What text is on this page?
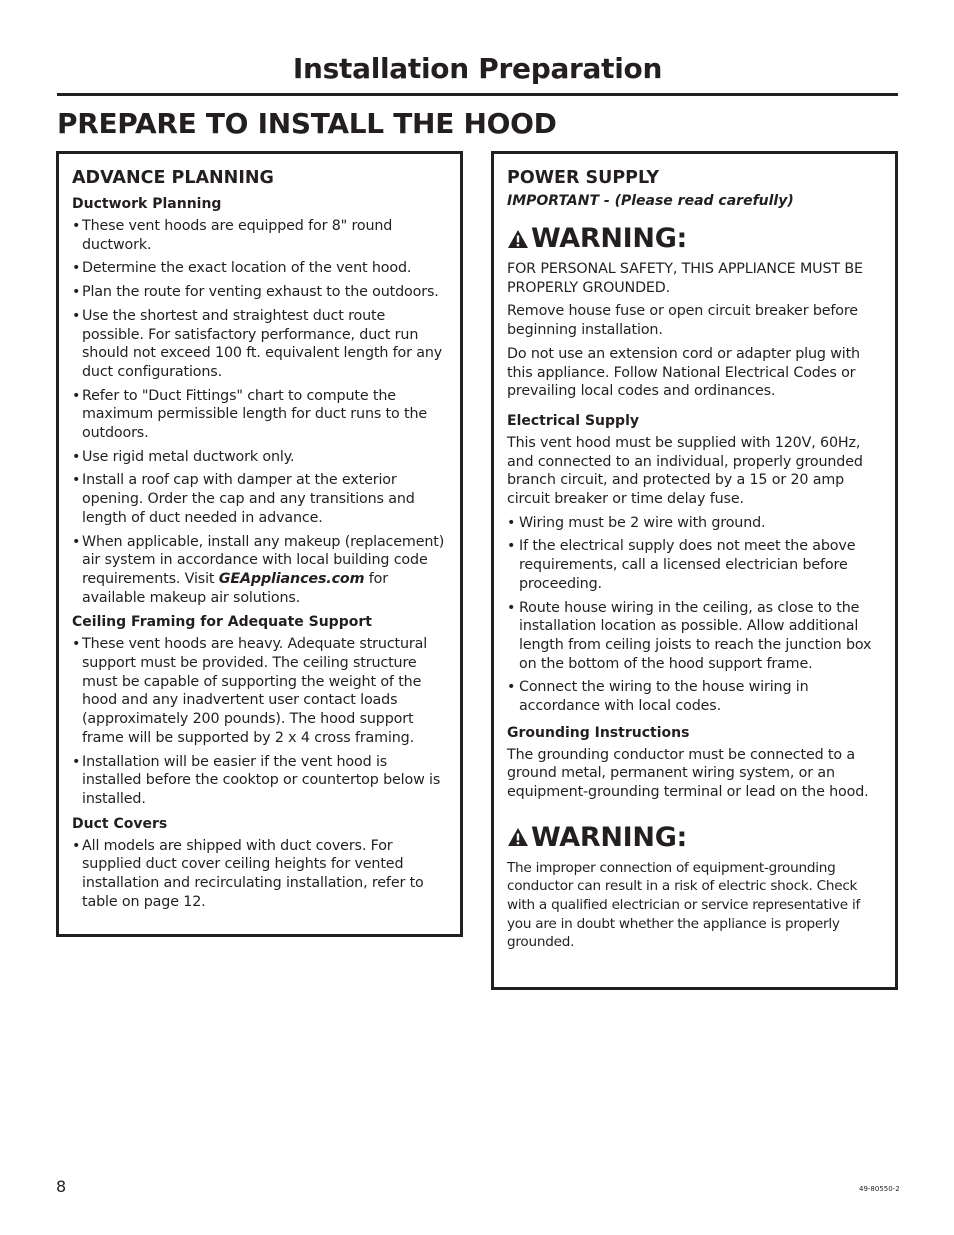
Installation Preparation
PREPARE TO INSTALL THE HOOD
ADVANCE PLANNING
Ductwork Planning
• These vent hoods are equipped for 8" round ductwork.
• Determine the exact location of the vent hood.
• Plan the route for venting exhaust to the outdoors.
• Use the shortest and straightest duct route possible. For satisfactory performance, duct run should not exceed 100 ft. equivalent length for any duct configurations.
• Refer to "Duct Fittings" chart to compute the maximum permissible length for duct runs to the outdoors.
• Use rigid metal ductwork only.
• Install a roof cap with damper at the exterior opening. Order the cap and any transitions and length of duct needed in advance.
• When applicable, install any makeup (replacement) air system in accordance with local building code requirements. Visit GEAppliances.com for available makeup air solutions.
Ceiling Framing for Adequate Support
• These vent hoods are heavy. Adequate structural support must be provided. The ceiling structure must be capable of supporting the weight of the hood and any inadvertent user contact loads (approximately 200 pounds). The hood support frame will be supported by 2 x 4 cross framing.
• Installation will be easier if the vent hood is installed before the cooktop or countertop below is installed.
Duct Covers
• All models are shipped with duct covers. For supplied duct cover ceiling heights for vented installation and recirculating installation, refer to table on page 12.
POWER SUPPLY
IMPORTANT - (Please read carefully)
WARNING:

FOR PERSONAL SAFETY, THIS APPLIANCE MUST BE PROPERLY GROUNDED.

Remove house fuse or open circuit breaker before beginning installation.

Do not use an extension cord or adapter plug with this appliance. Follow National Electrical Codes or prevailing local codes and ordinances.

Electrical Supply

This vent hood must be supplied with 120V, 60Hz, and connected to an individual, properly grounded branch circuit, and protected by a 15 or 20 amp circuit breaker or time delay fuse.

• Wiring must be 2 wire with ground.
• If the electrical supply does not meet the above requirements, call a licensed electrician before proceeding.
• Route house wiring in the ceiling, as close to the installation location as possible. Allow additional length from ceiling joists to reach the junction box on the bottom of the hood support frame.
• Connect the wiring to the house wiring in accordance with local codes.
Grounding Instructions

The grounding conductor must be connected to a ground metal, permanent wiring system, or an equipment-grounding terminal or lead on the hood.

WARNING:

The improper connection of equipment-grounding conductor can result in a risk of electric shock. Check with a qualified electrician or service representative if you are in doubt whether the appliance is properly grounded.

8	49-80550-2
